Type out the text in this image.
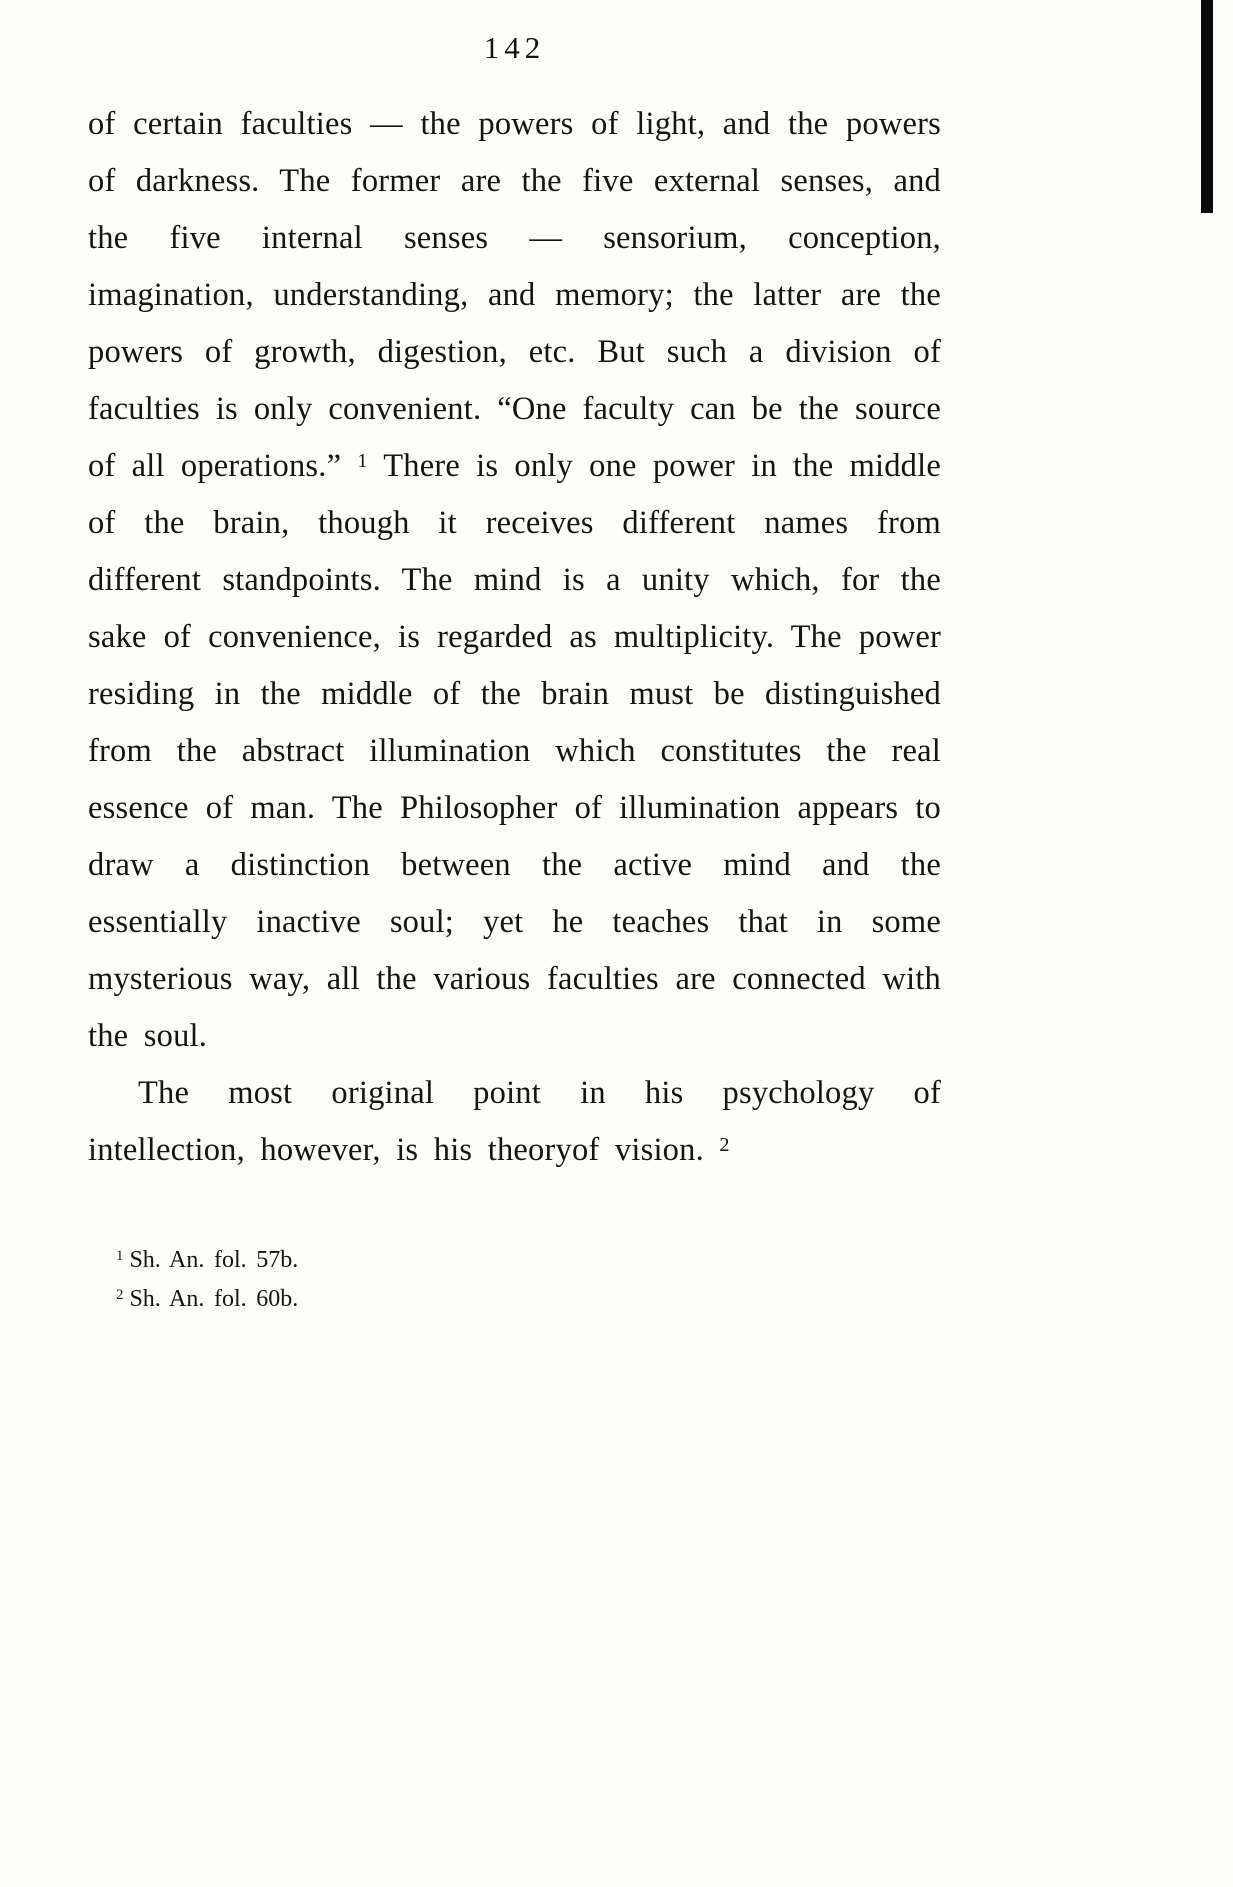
142

of certain faculties — the powers of light, and the powers of darkness. The former are the five external senses, and the five internal senses — sensorium, conception, imagination, understanding, and memory; the latter are the powers of growth, digestion, etc. But such a division of faculties is only convenient. “One faculty can be the source of all operations.” $^1$ There is only one power in the middle of the brain, though it receives different names from different standpoints. The mind is a unity which, for the sake of convenience, is regarded as multiplicity. The power residing in the middle of the brain must be distinguished from the abstract illumination which constitutes the real essence of man. The Philosopher of illumination appears to draw a distinction between the active mind and the essentially inactive soul; yet he teaches that in some mysterious way, all the various faculties are connected with the soul.

The most original point in his psychology of intellection, however, is his theoryof vision. $^2$

$^1$ Sh. An. fol. 57b.
$^2$ Sh. An. fol. 60b.
